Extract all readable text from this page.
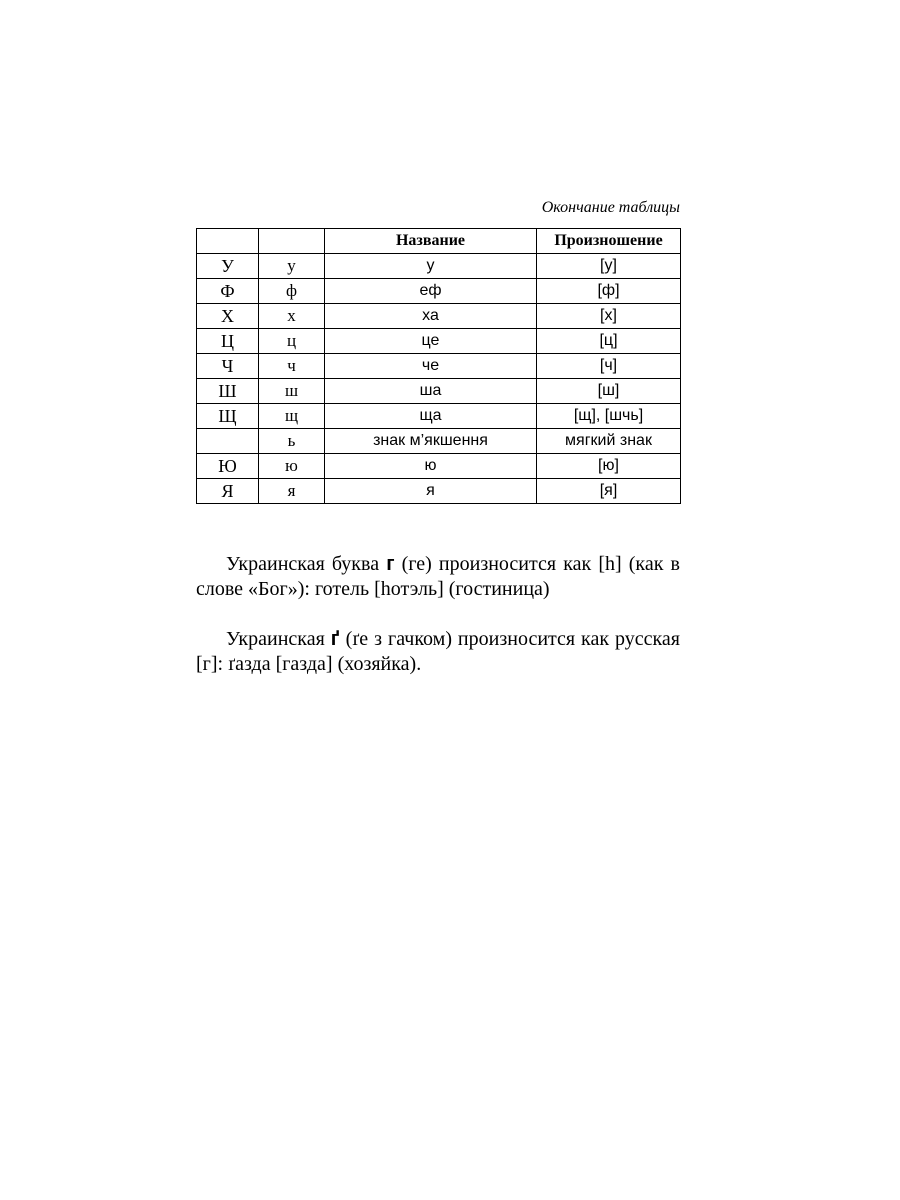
Окончание таблицы
		Название	Произношение
У	у	у	[у]
Ф	ф	еф	[ф]
Х	х	ха	[х]
Ц	ц	це	[ц]
Ч	ч	че	[ч]
Ш	ш	ша	[ш]
Щ	щ	ща	[щ], [шчь]
	ь	знак м’якшення	мягкий знак
Ю	ю	ю	[ю]
Я	я	я	[я]

Украинская буква г (ге) произносится как [h] (как в слове «Бог»): готель [hотэль] (гостиница)

Украинская ґ (ґе з гачком) произносится как русская [г]: ґазда [газда] (хозяйка).
